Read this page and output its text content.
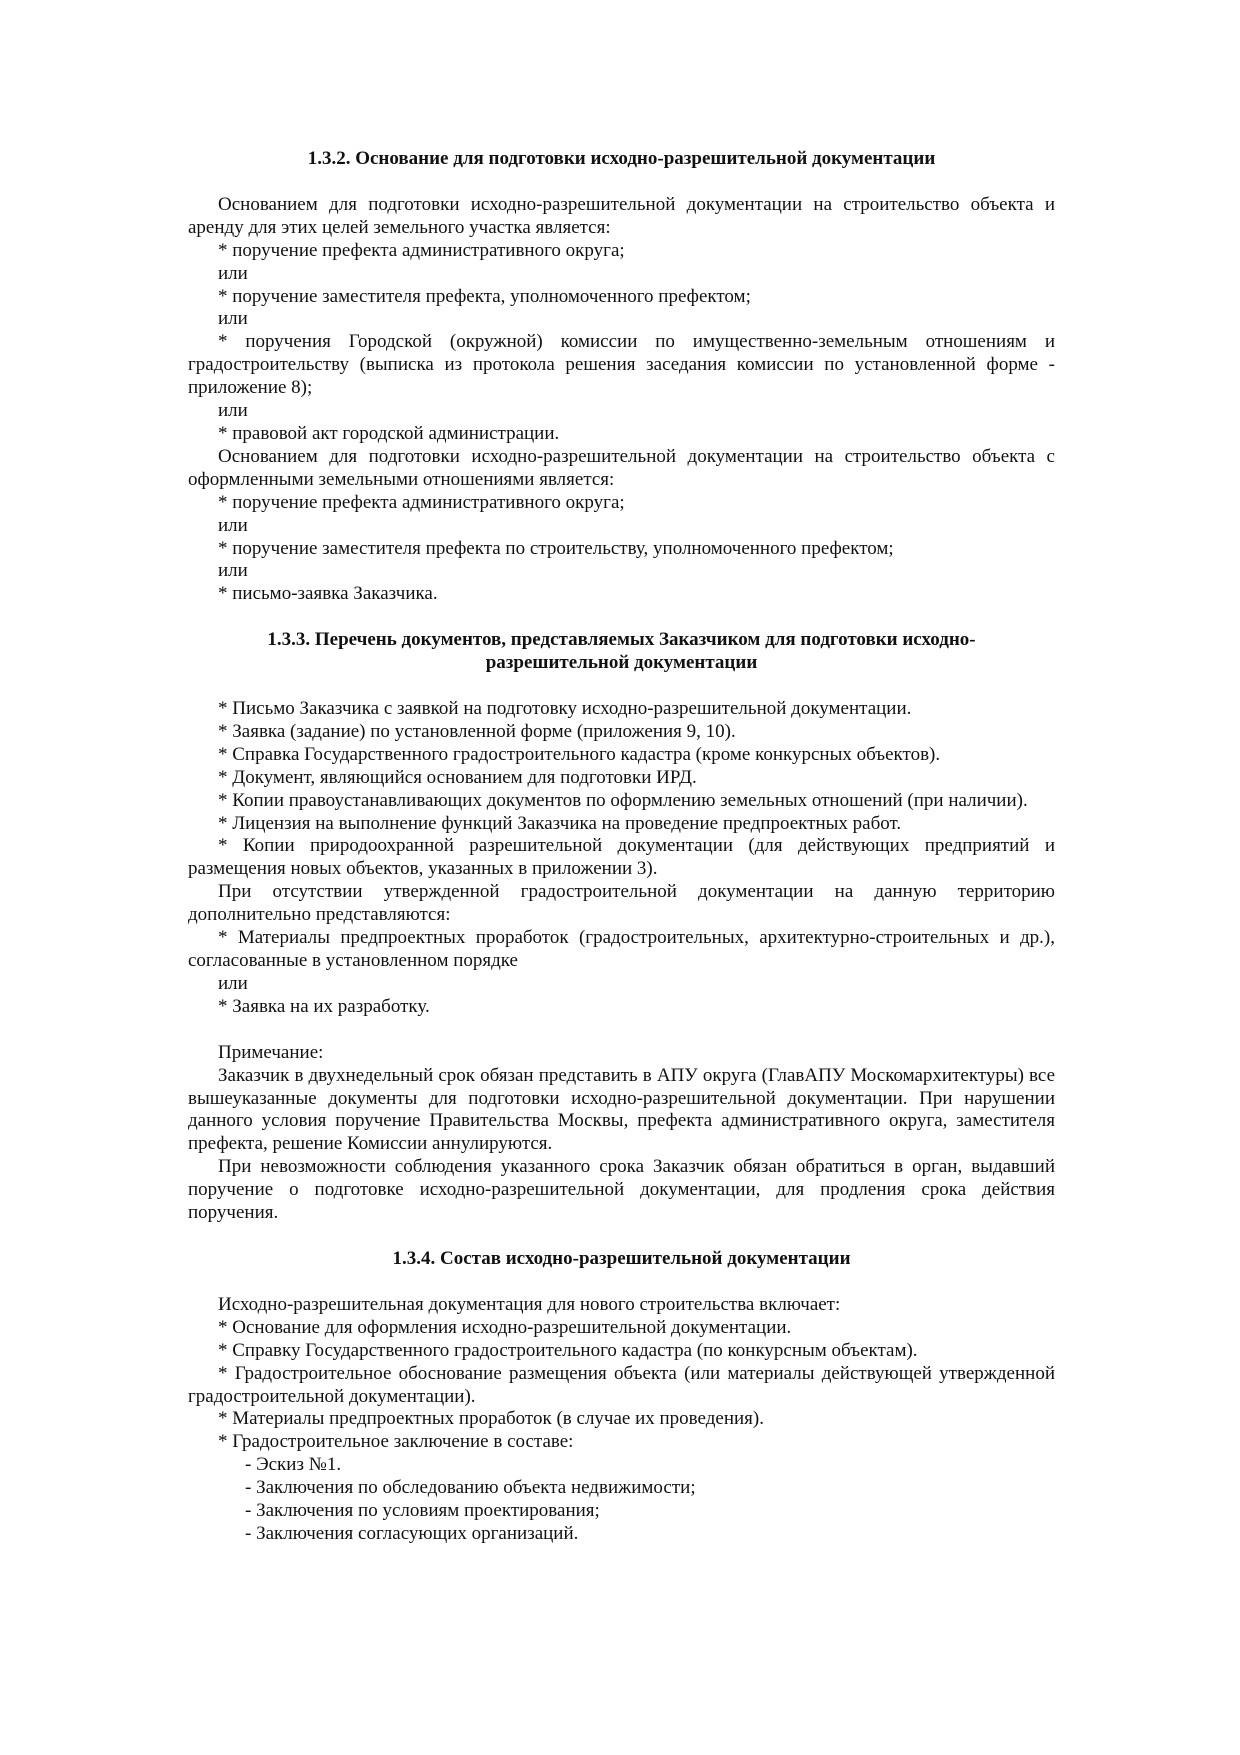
1.3.2. Основание для подготовки исходно-разрешительной документации

Основанием для подготовки исходно-разрешительной документации на строительство объекта и аренду для этих целей земельного участка является:

* поручение префекта административного округа;

или

* поручение заместителя префекта, уполномоченного префектом;

или

* поручения Городской (окружной) комиссии по имущественно-земельным отношениям и градостроительству (выписка из протокола решения заседания комиссии по установленной форме - приложение 8);

или

* правовой акт городской администрации.

Основанием для подготовки исходно-разрешительной документации на строительство объекта с оформленными земельными отношениями является:

* поручение префекта административного округа;

или

* поручение заместителя префекта по строительству, уполномоченного префектом;

или

* письмо-заявка Заказчика.

1.3.3. Перечень документов, представляемых Заказчиком для подготовки исходно-
разрешительной документации

* Письмо Заказчика с заявкой на подготовку исходно-разрешительной документации.

* Заявка (задание) по установленной форме (приложения 9, 10).

* Справка Государственного градостроительного кадастра (кроме конкурсных объектов).

* Документ, являющийся основанием для подготовки ИРД.

* Копии правоустанавливающих документов по оформлению земельных отношений (при наличии).

* Лицензия на выполнение функций Заказчика на проведение предпроектных работ.

* Копии природоохранной разрешительной документации (для действующих предприятий и размещения новых объектов, указанных в приложении 3).

При отсутствии утвержденной градостроительной документации на данную территорию дополнительно представляются:

* Материалы предпроектных проработок (градостроительных, архитектурно-строительных и др.), согласованные в установленном порядке

или

* Заявка на их разработку.

Примечание:

Заказчик в двухнедельный срок обязан представить в АПУ округа (ГлавАПУ Москомархитектуры) все вышеуказанные документы для подготовки исходно-разрешительной документации. При нарушении данного условия поручение Правительства Москвы, префекта административного округа, заместителя префекта, решение Комиссии аннулируются.

При невозможности соблюдения указанного срока Заказчик обязан обратиться в орган, выдавший поручение о подготовке исходно-разрешительной документации, для продления срока действия поручения.

1.3.4. Состав исходно-разрешительной документации

Исходно-разрешительная документация для нового строительства включает:

* Основание для оформления исходно-разрешительной документации.

* Справку Государственного градостроительного кадастра (по конкурсным объектам).

* Градостроительное обоснование размещения объекта (или материалы действующей утвержденной градостроительной документации).

* Материалы предпроектных проработок (в случае их проведения).

* Градостроительное заключение в составе:

- Эскиз №1.

- Заключения по обследованию объекта недвижимости;

- Заключения по условиям проектирования;

- Заключения согласующих организаций.
